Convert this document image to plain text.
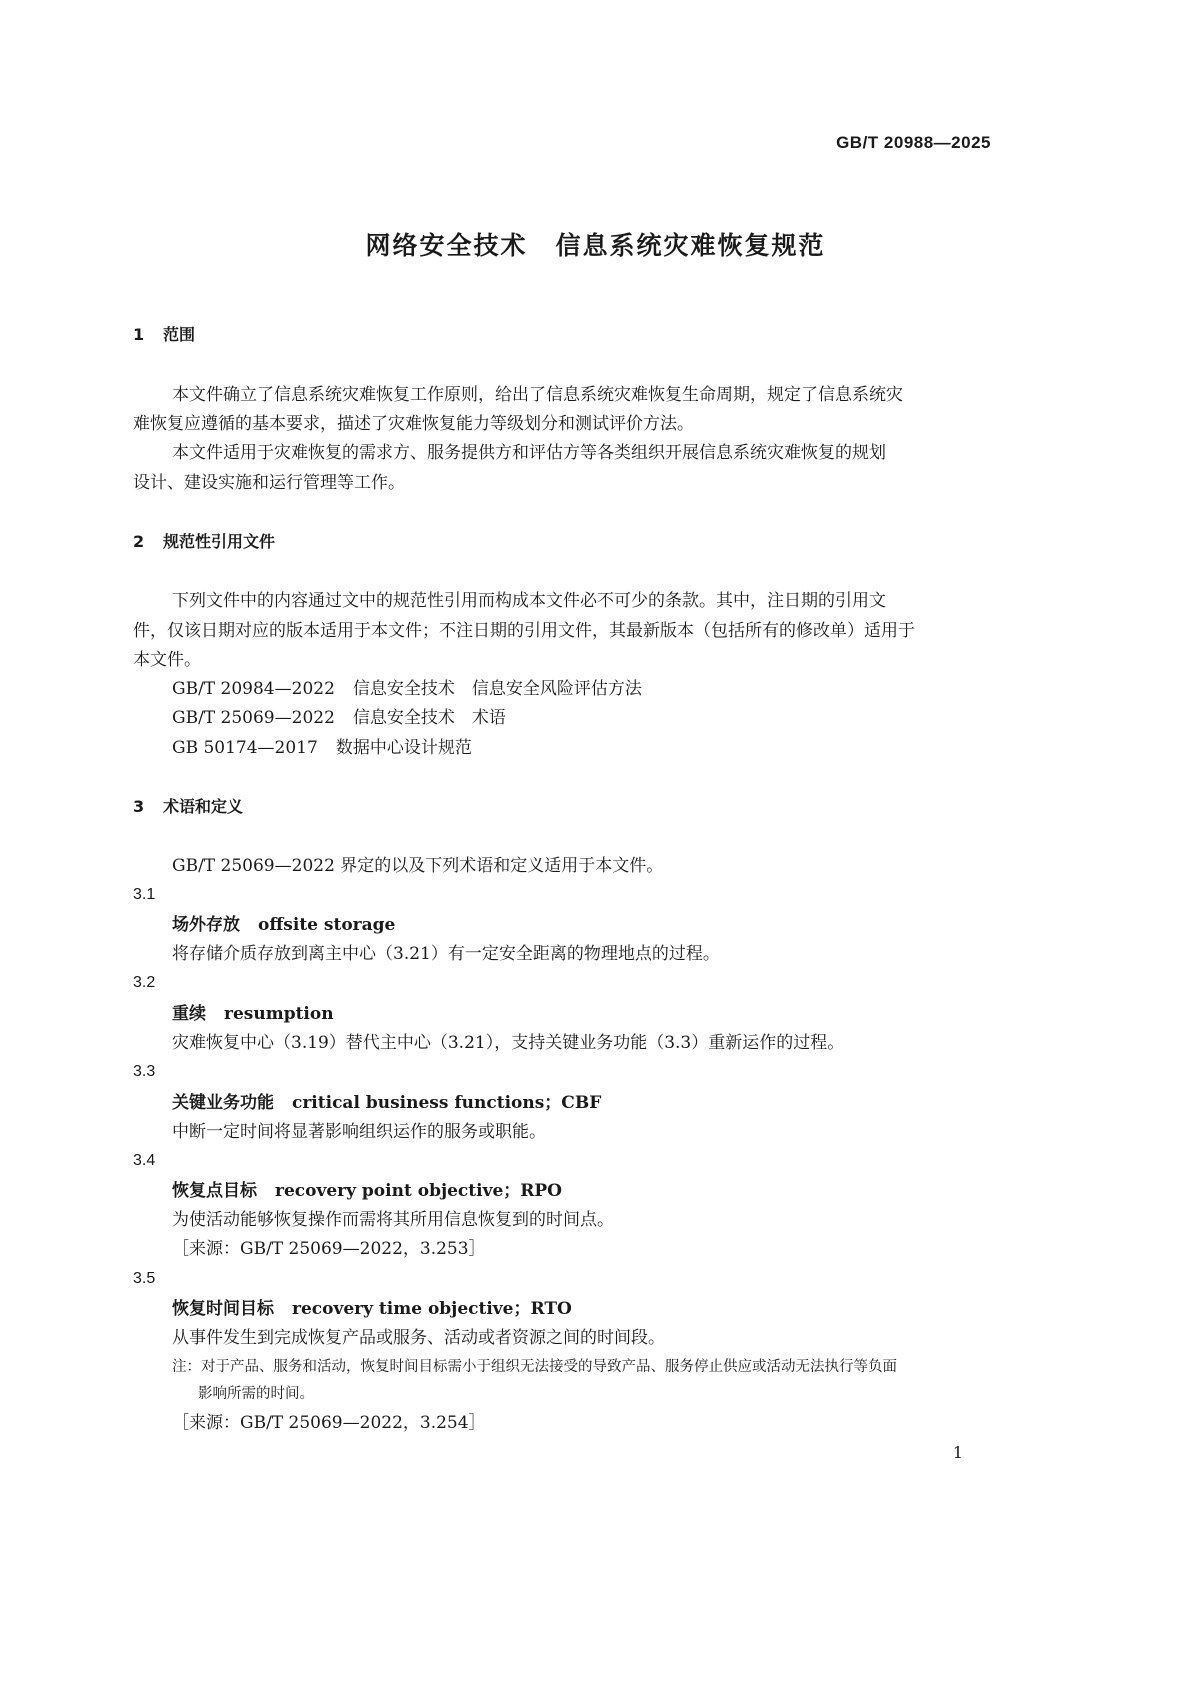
GB/T 20988—2025
网络安全技术 信息系统灾难恢复规范
1 范围
本文件确立了信息系统灾难恢复工作原则，给出了信息系统灾难恢复生命周期，规定了信息系统灾
难恢复应遵循的基本要求，描述了灾难恢复能力等级划分和测试评价方法。
本文件适用于灾难恢复的需求方、服务提供方和评估方等各类组织开展信息系统灾难恢复的规划
设计、建设实施和运行管理等工作。
2 规范性引用文件
下列文件中的内容通过文中的规范性引用而构成本文件必不可少的条款。其中，注日期的引用文
件，仅该日期对应的版本适用于本文件；不注日期的引用文件，其最新版本（包括所有的修改单）适用于
本文件。
GB/T 20984—2022 信息安全技术　信息安全风险评估方法
GB/T 25069—2022 信息安全技术　术语
GB 50174—2017 数据中心设计规范
3 术语和定义
GB/T 25069—2022 界定的以及下列术语和定义适用于本文件。
3.1
场外存放 offsite storage
将存储介质存放到离主中心（3.21）有一定安全距离的物理地点的过程。
3.2
重续 resumption
灾难恢复中心（3.19）替代主中心（3.21），支持关键业务功能（3.3）重新运作的过程。
3.3
关键业务功能 critical business functions；CBF
中断一定时间将显著影响组织运作的服务或职能。
3.4
恢复点目标 recovery point objective；RPO
为使活动能够恢复操作而需将其所用信息恢复到的时间点。
［来源：GB/T 25069—2022，3.253］
3.5
恢复时间目标 recovery time objective；RTO
从事件发生到完成恢复产品或服务、活动或者资源之间的时间段。
注：对于产品、服务和活动，恢复时间目标需小于组织无法接受的导致产品、服务停止供应或活动无法执行等负面
影响所需的时间。
［来源：GB/T 25069—2022，3.254］
1
